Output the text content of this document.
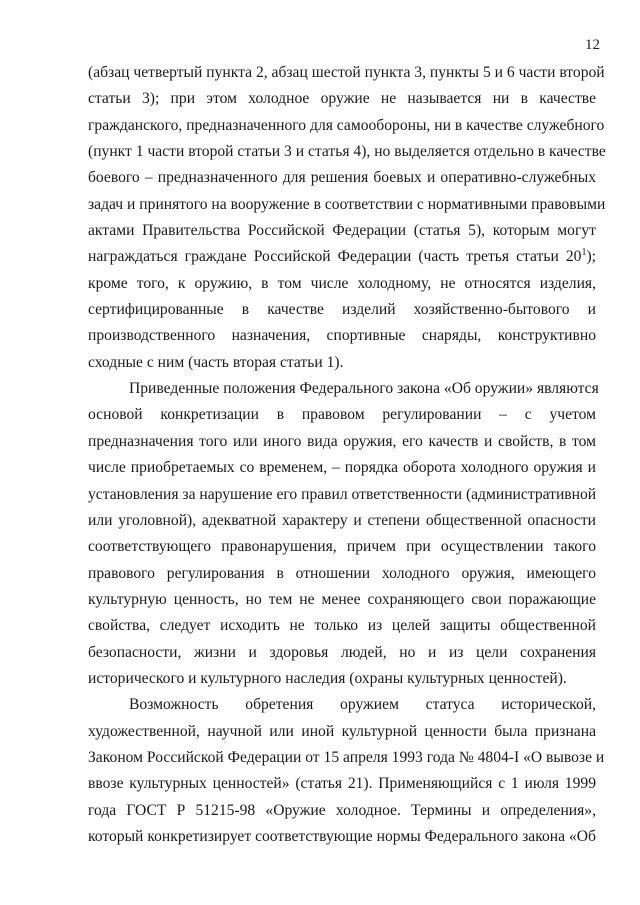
12
(абзац четвертый пункта 2, абзац шестой пункта 3, пункты 5 и 6 части второй
статьи 3); при этом холодное оружие не называется ни в качестве
гражданского, предназначенного для самообороны, ни в качестве служебного
(пункт 1 части второй статьи 3 и статья 4), но выделяется отдельно в качестве
боевого – предназначенного для решения боевых и оперативно-служебных
задач и принятого на вооружение в соответствии с нормативными правовыми
актами Правительства Российской Федерации (статья 5), которым могут
награждаться граждане Российской Федерации (часть третья статьи $20^1$);
кроме того, к оружию, в том числе холодному, не относятся изделия,
сертифицированные в качестве изделий хозяйственно-бытового и
производственного назначения, спортивные снаряды, конструктивно
сходные с ним (часть вторая статьи 1).
Приведенные положения Федерального закона «Об оружии» являются
основой конкретизации в правовом регулировании – с учетом
предназначения того или иного вида оружия, его качеств и свойств, в том
числе приобретаемых со временем, – порядка оборота холодного оружия и
установления за нарушение его правил ответственности (административной
или уголовной), адекватной характеру и степени общественной опасности
соответствующего правонарушения, причем при осуществлении такого
правового регулирования в отношении холодного оружия, имеющего
культурную ценность, но тем не менее сохраняющего свои поражающие
свойства, следует исходить не только из целей защиты общественной
безопасности, жизни и здоровья людей, но и из цели сохранения
исторического и культурного наследия (охраны культурных ценностей).
Возможность обретения оружием статуса исторической,
художественной, научной или иной культурной ценности была признана
Законом Российской Федерации от 15 апреля 1993 года № 4804-I «О вывозе и
ввозе культурных ценностей» (статья 21). Применяющийся с 1 июля 1999
года ГОСТ Р 51215-98 «Оружие холодное. Термины и определения»,
который конкретизирует соответствующие нормы Федерального закона «Об
